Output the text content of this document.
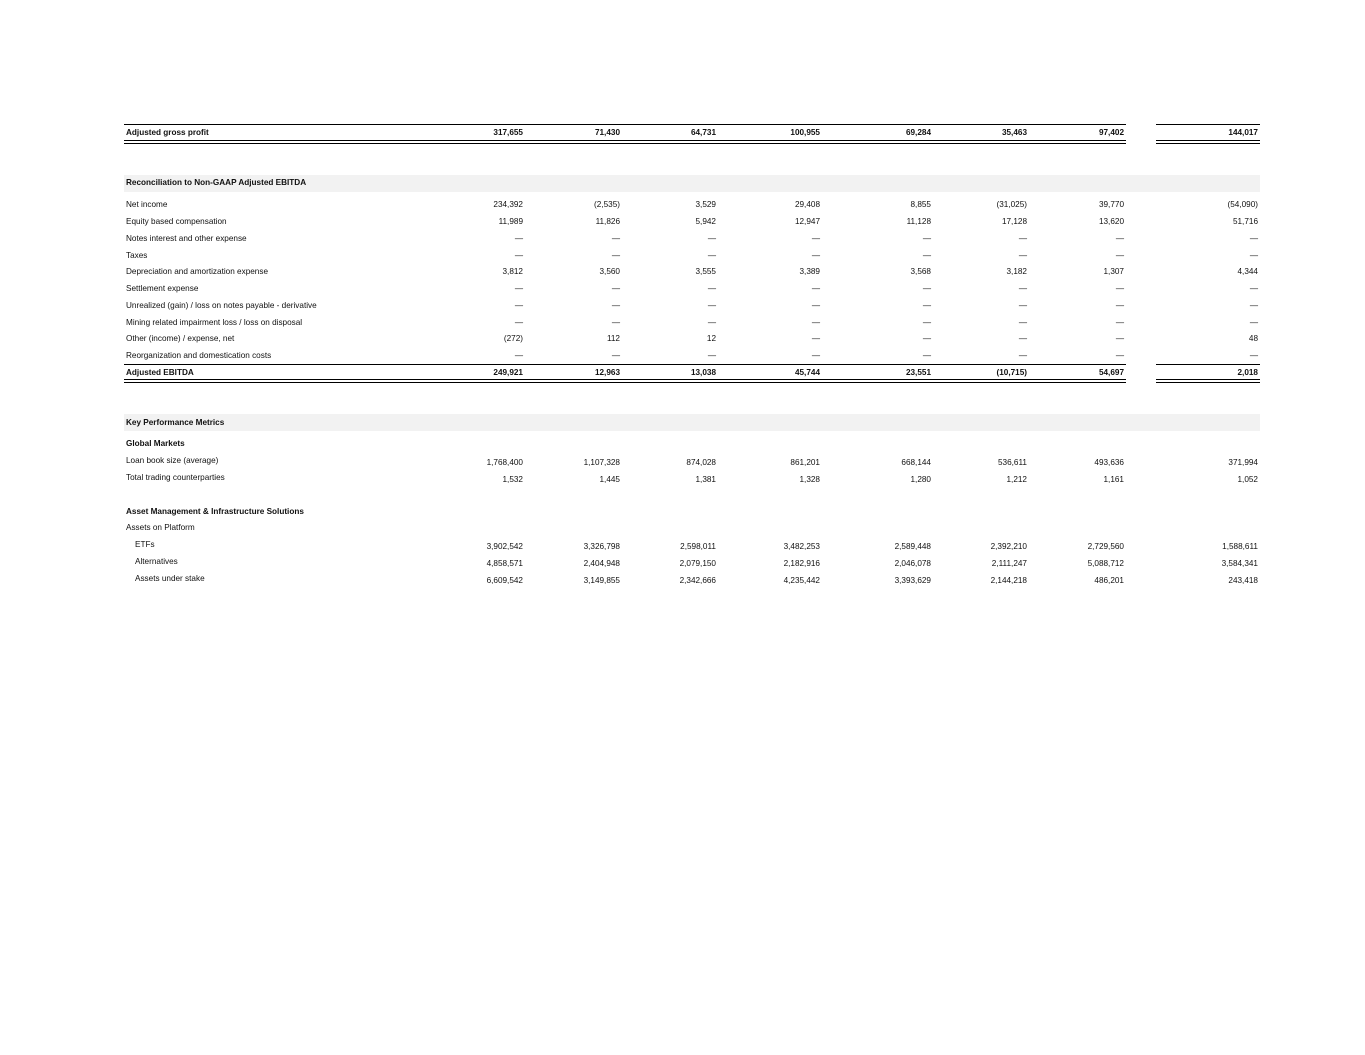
Adjusted gross profit	317,655	71,430	64,731	100,955	69,284	35,463	97,402	144,017
Reconciliation to Non-GAAP Adjusted EBITDA
Net income	234,392	(2,535)	3,529	29,408	8,855	(31,025)	39,770	(54,090)
Equity based compensation	11,989	11,826	5,942	12,947	11,128	17,128	13,620	51,716
Notes interest and other expense	—	—	—	—	—	—	—	—
Taxes	—	—	—	—	—	—	—	—
Depreciation and amortization expense	3,812	3,560	3,555	3,389	3,568	3,182	1,307	4,344
Settlement expense	—	—	—	—	—	—	—	—
Unrealized (gain) / loss on notes payable - derivative	—	—	—	—	—	—	—	—
Mining related impairment loss / loss on disposal	—	—	—	—	—	—	—	—
Other (income) / expense, net	(272)	112	12	—	—	—	—	48
Reorganization and domestication costs	—	—	—	—	—	—	—	—
Adjusted EBITDA	249,921	12,963	13,038	45,744	23,551	(10,715)	54,697	2,018
Key Performance Metrics
Global Markets
Loan book size (average)	1,768,400	1,107,328	874,028	861,201	668,144	536,611	493,636	371,994
Total trading counterparties	1,532	1,445	1,381	1,328	1,280	1,212	1,161	1,052
Asset Management & Infrastructure Solutions
Assets on Platform
ETFs	3,902,542	3,326,798	2,598,011	3,482,253	2,589,448	2,392,210	2,729,560	1,588,611
Alternatives	4,858,571	2,404,948	2,079,150	2,182,916	2,046,078	2,111,247	5,088,712	3,584,341
Assets under stake	6,609,542	3,149,855	2,342,666	4,235,442	3,393,629	2,144,218	486,201	243,418
